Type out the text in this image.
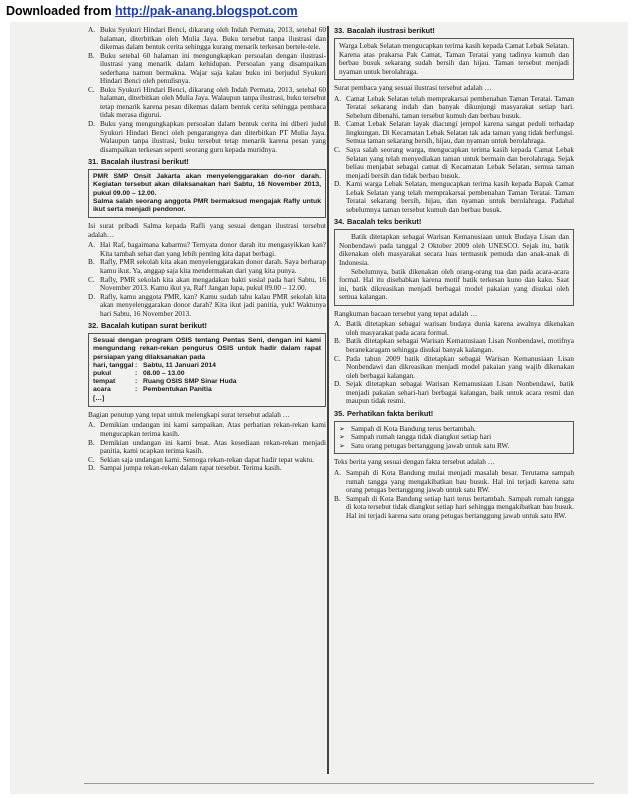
Downloaded from http://pak-anang.blogspot.com
A. Buku Syukuri Hindari Benci, dikarang oleh Indah Permata, 2013, setebal 60 halaman, diterbitkan oleh Mulia Jaya. Buku tersebut tanpa ilustrasi dan dikemas dalam bentuk cerita sehingga kurang menarik terkesan bertele-tele.
B. Buku setebal 60 halaman ini mengungkapkan persoalan dengan ilustrasi-ilustrasi yang menarik dalam kehidupan. Persoalan yang disampaikan sederhana namun bermakna. Wajar saja kalau buku ini berjudul Syukuri Hindari Benci oleh penulisnya.
C. Buku Syukuri Hindari Benci, dikarang oleh Indah Permata, 2013, setebal 60 halaman, diterbitkan oleh Mulia Jaya. Walaupun tanpa ilustrasi, buku tersebut tetap menarik karena pesan dikemas dalam bentuk cerita sehingga pembaca tidak merasa digurui.
D. Buku yang mengungkapkan persoalan dalam bentuk cerita ini diberi judul Syukuri Hindari Benci oleh pengarangnya dan diterbitkan PT Mulia Jaya. Walaupun tanpa ilustrasi, buku tersebut tetap menarik karena pesan yang disampaikan terkesan seperti seorang guru kepada muridnya.
31. Bacalah ilustrasi berikut!

PMR SMP Onsit Jakarta akan menyelenggarakan do-nor darah. Kegiatan tersebut akan dilaksanakan hari Sabtu, 16 November 2013, pukul 09.00 – 12.00.

Salma salah seorang anggota PMR bermaksud mengajak Rafly untuk ikut serta menjadi pendonor.

Isi surat pribadi Salma kepada Rafli yang sesuai dengan ilustrasi tersebut adalah…
A. Hai Raf, bagaimana kabarmu? Ternyata donor darah itu mengasyikkan kan? Kita tambah sehat dan yang lebih penting kita dapat berbagi.
B. Rafly, PMR sekolah kita akan menyelenggarakan donor darah. Saya berharap kamu ikut. Ya, anggap saja kita mendermakan dari yang kita punya.
C. Rafly, PMR sekolah kita akan mengadakan bakti sosial pada hari Sabtu, 16 November 2013. Kamu ikut ya, Raf! Jangan lupa, pukul 09.00 – 12.00.
D. Rafly, kamu anggota PMR, kan? Kamu sudah tahu kalau PMR sekolah kita akan menyelenggarakan donor darah? Kita ikut jadi panitia, yuk! Waktunya hari Sabtu, 16 November 2013.
32. Bacalah kutipan surat berikut!

Sesuai dengan program OSIS tentang Pentas Seni, dengan ini kami mengundang rekan-rekan pengurus OSIS untuk hadir dalam rapat persiapan yang dilaksanakan pada

hari, tanggal : Sabtu, 11 Januari 2014
pukul	: 08.00 – 13.00
tempat	: Ruang OSIS SMP Sinar Huda
acara	: Pembentukan Panitia

[…]

Bagian penutup yang tepat untuk melengkapi surat tersebut adalah …
A. Demikian undangan ini kami sampaikan. Atas perhatian rekan-rekan kami mengucapkan terima kasih.
B. Demikian undangan ini kami buat. Atas kesediaan rekan-rekan menjadi panitia, kami ucapkan terima kasih.
C. Sekian saja undangan kami. Semoga rekan-rekan dapat hadir tepat waktu.
D. Sampai jumpa rekan-rekan dalam rapat tersebut. Terima kasih.
33. Bacalah ilustrasi berikut!

Warga Lebak Selatan mengucapkan terima kasih kepada Camat Lebak Selatan. Karena atas prakarsa Pak Camat, Taman Teratai yang tadinya kumuh dan berbau busuk sekarang sudah bersih dan hijau. Taman tersebut menjadi nyaman untuk berolahraga.

Surat pembaca yang sesuai ilustrasi tersebut adalah …
A. Camat Lebak Selatan telah memprakarsai pembenahan Taman Teratai. Taman Teratai sekarang indah dan banyak dikunjungi masyarakat setiap hari. Sebelum dibenahi, taman tersebut kumuh dan berbau busuk.
B. Camat Lebak Selatan layak diacungi jempol karena sangat peduli terhadap lingkungan. Di Kecamatan Lebak Selatan tak ada taman yang tidak berfungsi. Semua taman sekarang bersih, hijau, dan nyaman untuk berolahraga.
C. Saya salah seorang warga, mengucapkan terima kasih kepada Camat Lebak Selatan yang telah menyediakan taman untuk bermain dan berolahraga. Sejak beliau menjabat sebagai camat di Kecamatan Lebak Selatan, semua taman menjadi bersih dan tidak berbau busuk.
D. Kami warga Lebak Selatan, mengucapkan terima kasih kepada Bapak Camat Lebak Selatan yang telah memprakarsai pembenahan Taman Teratai. Taman Teratai sekarang bersih, hijau, dan nyaman untuk berolahraga. Padahal sebelumnya taman tersebut kumuh dan berbau busuk.
34. Bacalah teks berikut!

Batik ditetapkan sebagai Warisan Kemanusiaan untuk Budaya Lisan dan Nonbendawi pada tanggal 2 Oktober 2009 oleh UNESCO. Sejak itu, batik dikenakan oleh masyarakat secara luas termasuk pemuda dan anak-anak di Indonesia.

Sebelumnya, batik dikenakan oleh orang-orang tua dan pada acara-acara formal. Hal itu disebabkan karena motif batik terkesan kuno dan kaku. Saat ini, batik dikreasikan menjadi berbagai model pakaian yang disukai oleh semua kalangan.

Rangkuman bacaan tersebut yang tepat adalah …
A. Batik ditetapkan sebagai warisan budaya dunia karena awalnya dikenakan oleh masyarakat pada acara formal.
B. Batik ditetapkan sebagai Warisan Kemanusiaan Lisan Nonbendawi, motifnya beranekaragam sehingga disukai banyak kalangan.
C. Pada tahun 2009 batik ditetapkan sebagai Warisan Kemanusiaan Lisan Nonbendawi dan dikreasikan menjadi model pakaian yang wajib dikenakan oleh berbagai kalangan.
D. Sejak ditetapkan sebagai Warisan Kemanusiaan Lisan Nonbendawi, batik menjadi pakaian sehari-hari berbagai kalangan, baik untuk acara resmi dan maupun tidak resmi.
35. Perhatikan fakta berikut!
➢ Sampah di Kota Bandung terus bertambah.
➢ Sampah rumah tangga tidak diangkut setiap hari
➢ Satu orang petugas bertanggung jawab untuk satu RW.
Teks berita yang sesuai dengan fakta tersebut adalah …
A. Sampah di Kota Bandung mulai menjadi masalah besar. Terutama sampah rumah tangga yang mengakibatkan bau busuk. Hal ini terjadi karena satu orang petugas bertanggung jawab untuk satu RW.
B. Sampah di Kota Bandung setiap hari terus bertambah. Sampah rumah tangga di kota tersebut tidak diangkut setiap hari sehingga mengakibatkan bau busuk. Hal ini terjadi karena satu orang petugas bertanggung jawab untuk satu RW.
